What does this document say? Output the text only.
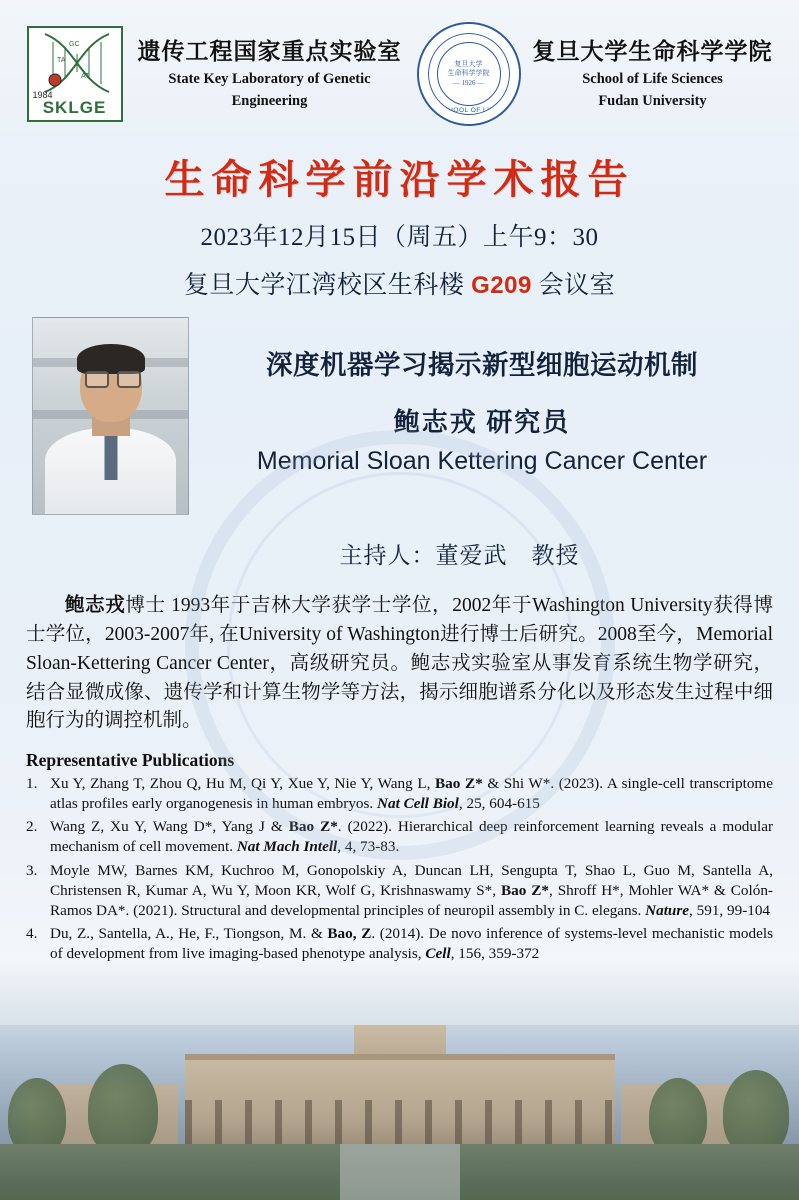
GC
TA
AT
1984
SKLGE
遗传工程国家重点实验室
State Key Laboratory of Genetic
Engineering
FUDAN UNIVERSITY
SCHOOL OF LIFE SCIENCES
复旦大学
生命科学学院
— 1926 —
复旦大学生命科学学院
School of Life Sciences
Fudan University
生命科学前沿学术报告
2023年12月15日（周五）上午9：30
复旦大学江湾校区生科楼 G209 会议室
深度机器学习揭示新型细胞运动机制
鲍志戎 研究员
Memorial Sloan Kettering Cancer Center
主持人：董爱武　教授
鲍志戎博士 1993年于吉林大学获学士学位，2002年于Washington University获得博士学位，2003-2007年, 在University of Washington进行博士后研究。2008至今，Memorial Sloan-Kettering Cancer Center，高级研究员。鲍志戎实验室从事发育系统生物学研究，结合显微成像、遗传学和计算生物学等方法，揭示细胞谱系分化以及形态发生过程中细胞行为的调控机制。
Representative Publications
1. Xu Y, Zhang T, Zhou Q, Hu M, Qi Y, Xue Y, Nie Y, Wang L, Bao Z* & Shi W*. (2023). A single-cell transcriptome atlas profiles early organogenesis in human embryos. Nat Cell Biol, 25, 604-615
2. Wang Z, Xu Y, Wang D*, Yang J & Bao Z*. (2022). Hierarchical deep reinforcement learning reveals a modular mechanism of cell movement. Nat Mach Intell, 4, 73-83.
3. Moyle MW, Barnes KM, Kuchroo M, Gonopolskiy A, Duncan LH, Sengupta T, Shao L, Guo M, Santella A, Christensen R, Kumar A, Wu Y, Moon KR, Wolf G, Krishnaswamy S*, Bao Z*, Shroff H*, Mohler WA* & Colón-Ramos DA*. (2021). Structural and developmental principles of neuropil assembly in C. elegans. Nature, 591, 99-104
4. Du, Z., Santella, A., He, F., Tiongson, M. & Bao, Z. (2014). De novo inference of systems-level mechanistic models of development from live imaging-based phenotype analysis, Cell, 156, 359-372
